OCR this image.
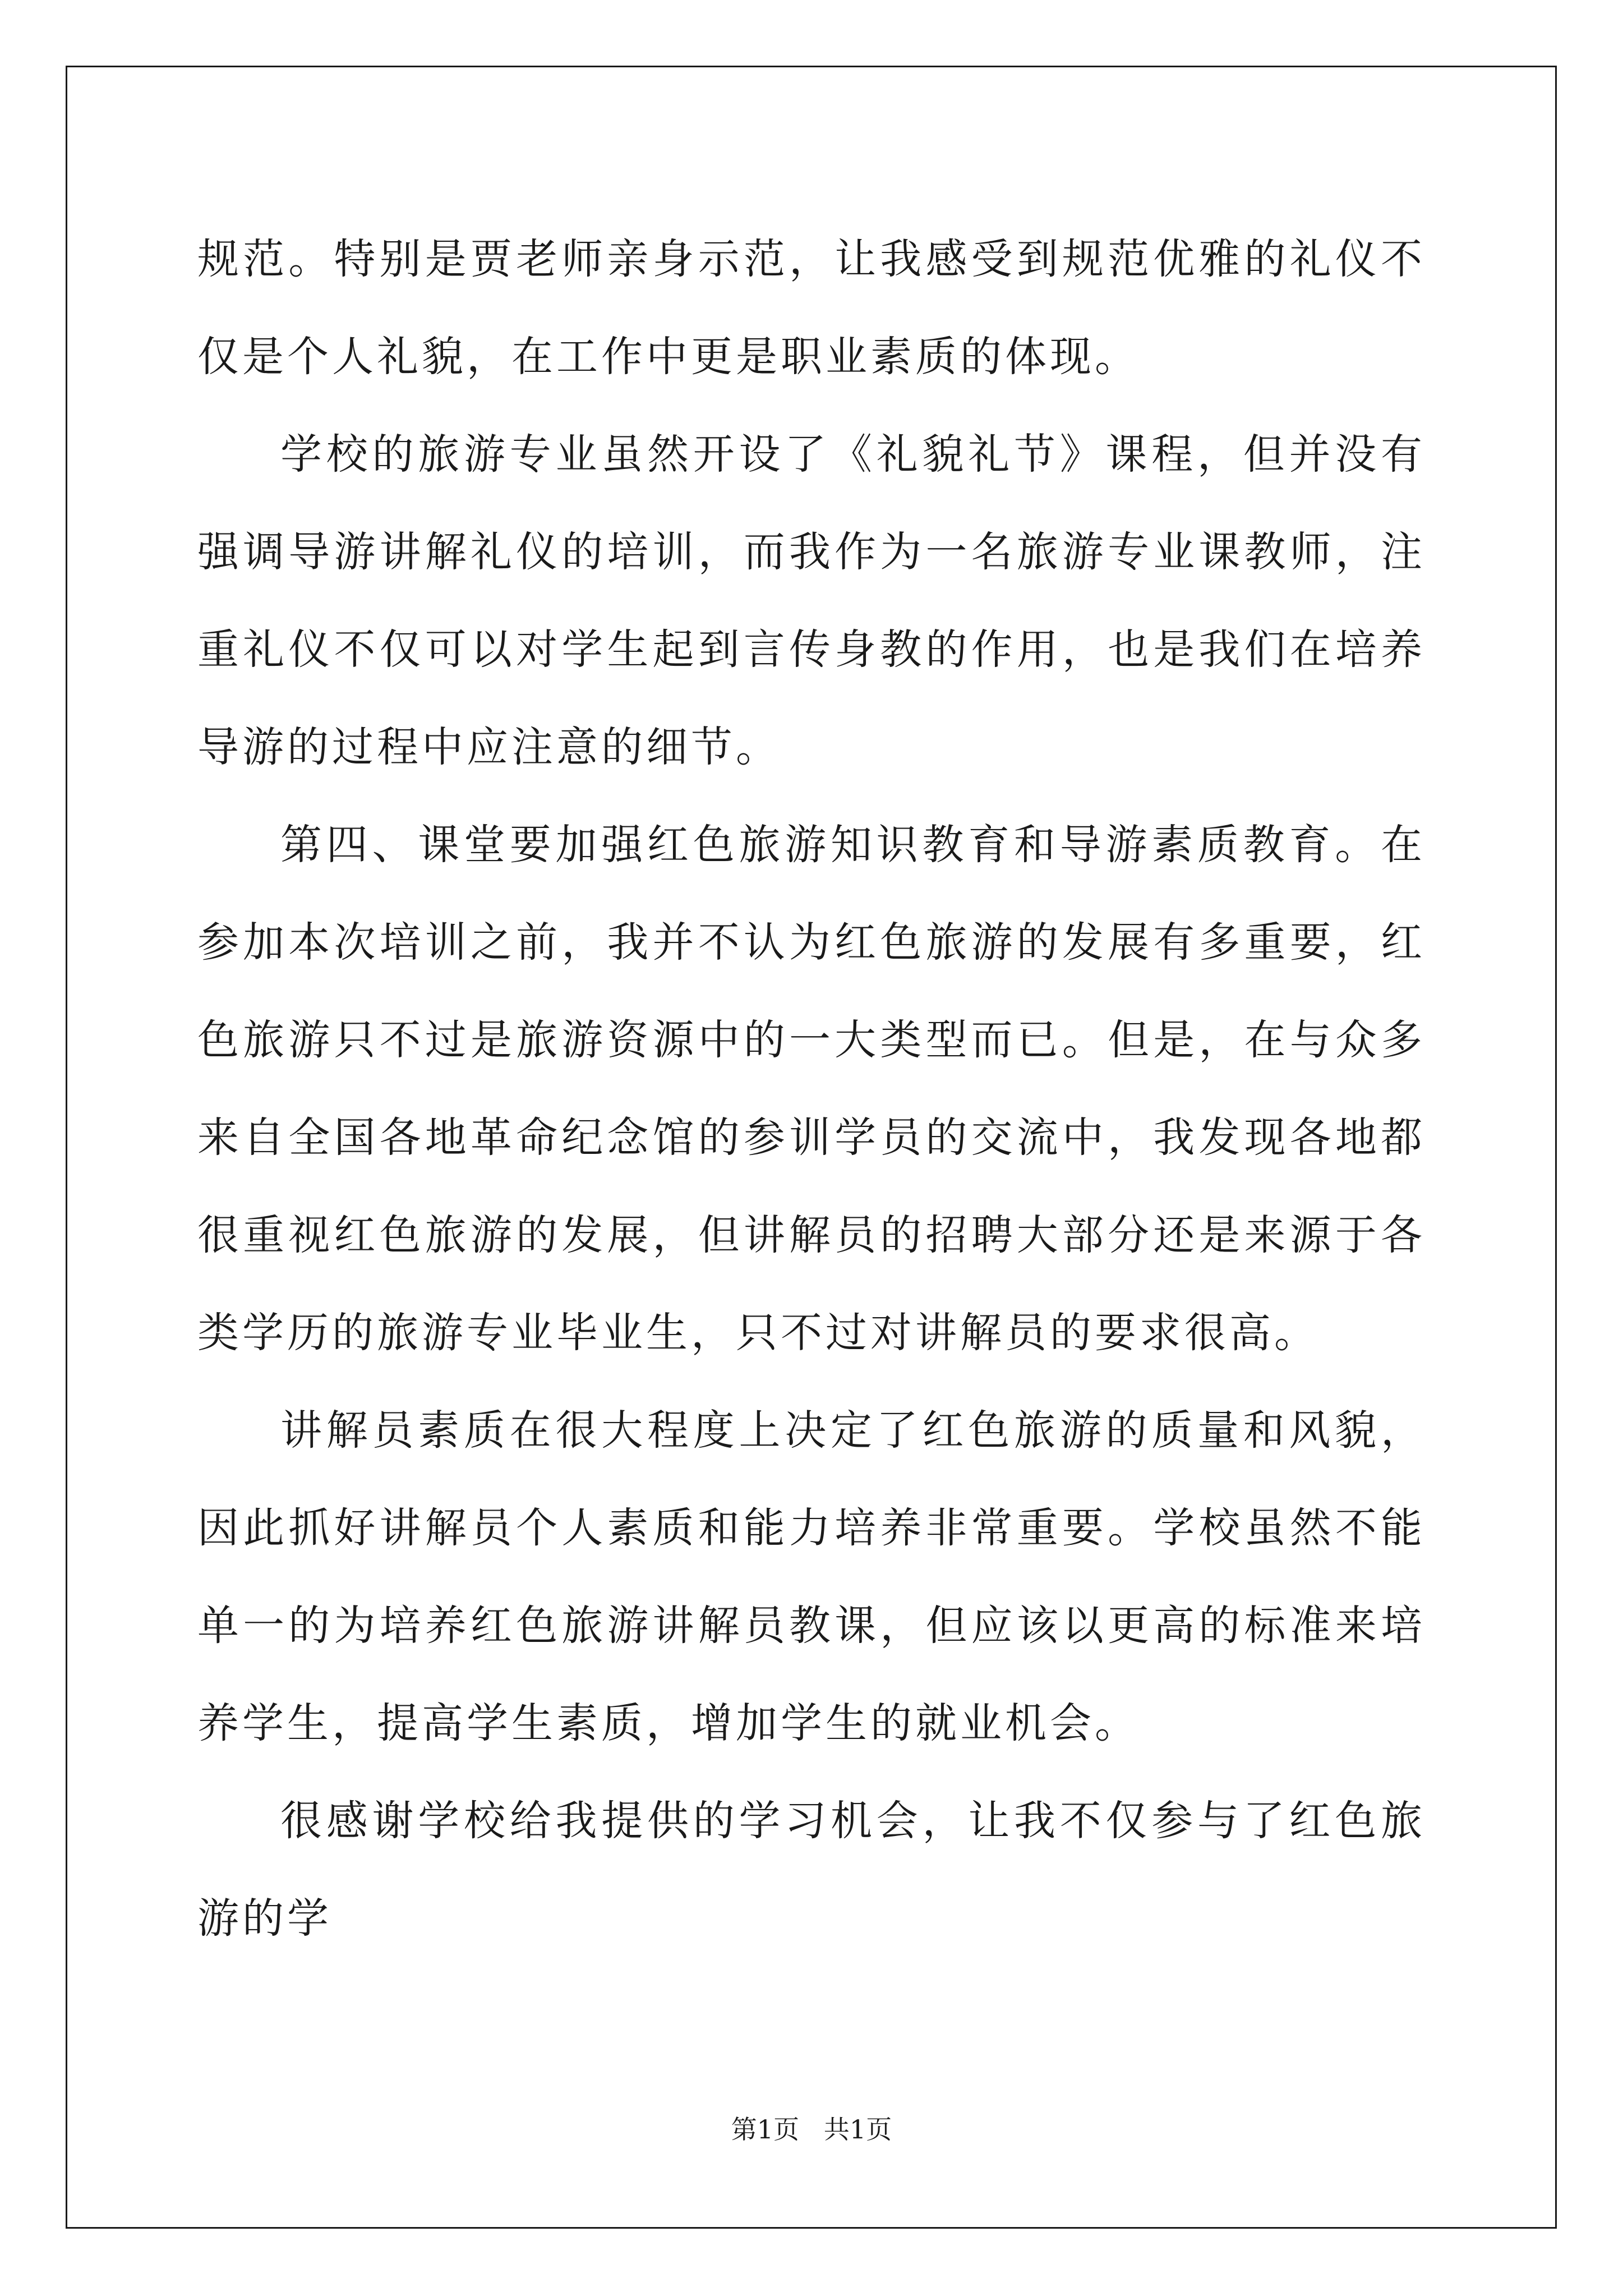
规范。特别是贾老师亲身示范，让我感受到规范优雅的礼仪不仅是个人礼貌，在工作中更是职业素质的体现。

学校的旅游专业虽然开设了《礼貌礼节》课程，但并没有强调导游讲解礼仪的培训，而我作为一名旅游专业课教师，注重礼仪不仅可以对学生起到言传身教的作用，也是我们在培养导游的过程中应注意的细节。

第四、课堂要加强红色旅游知识教育和导游素质教育。在参加本次培训之前，我并不认为红色旅游的发展有多重要，红色旅游只不过是旅游资源中的一大类型而已。但是，在与众多来自全国各地革命纪念馆的参训学员的交流中，我发现各地都很重视红色旅游的发展，但讲解员的招聘大部分还是来源于各类学历的旅游专业毕业生，只不过对讲解员的要求很高。

讲解员素质在很大程度上决定了红色旅游的质量和风貌，因此抓好讲解员个人素质和能力培养非常重要。学校虽然不能单一的为培养红色旅游讲解员教课，但应该以更高的标准来培养学生，提高学生素质，增加学生的就业机会。

很感谢学校给我提供的学习机会，让我不仅参与了红色旅游的学

第1页   共1页
